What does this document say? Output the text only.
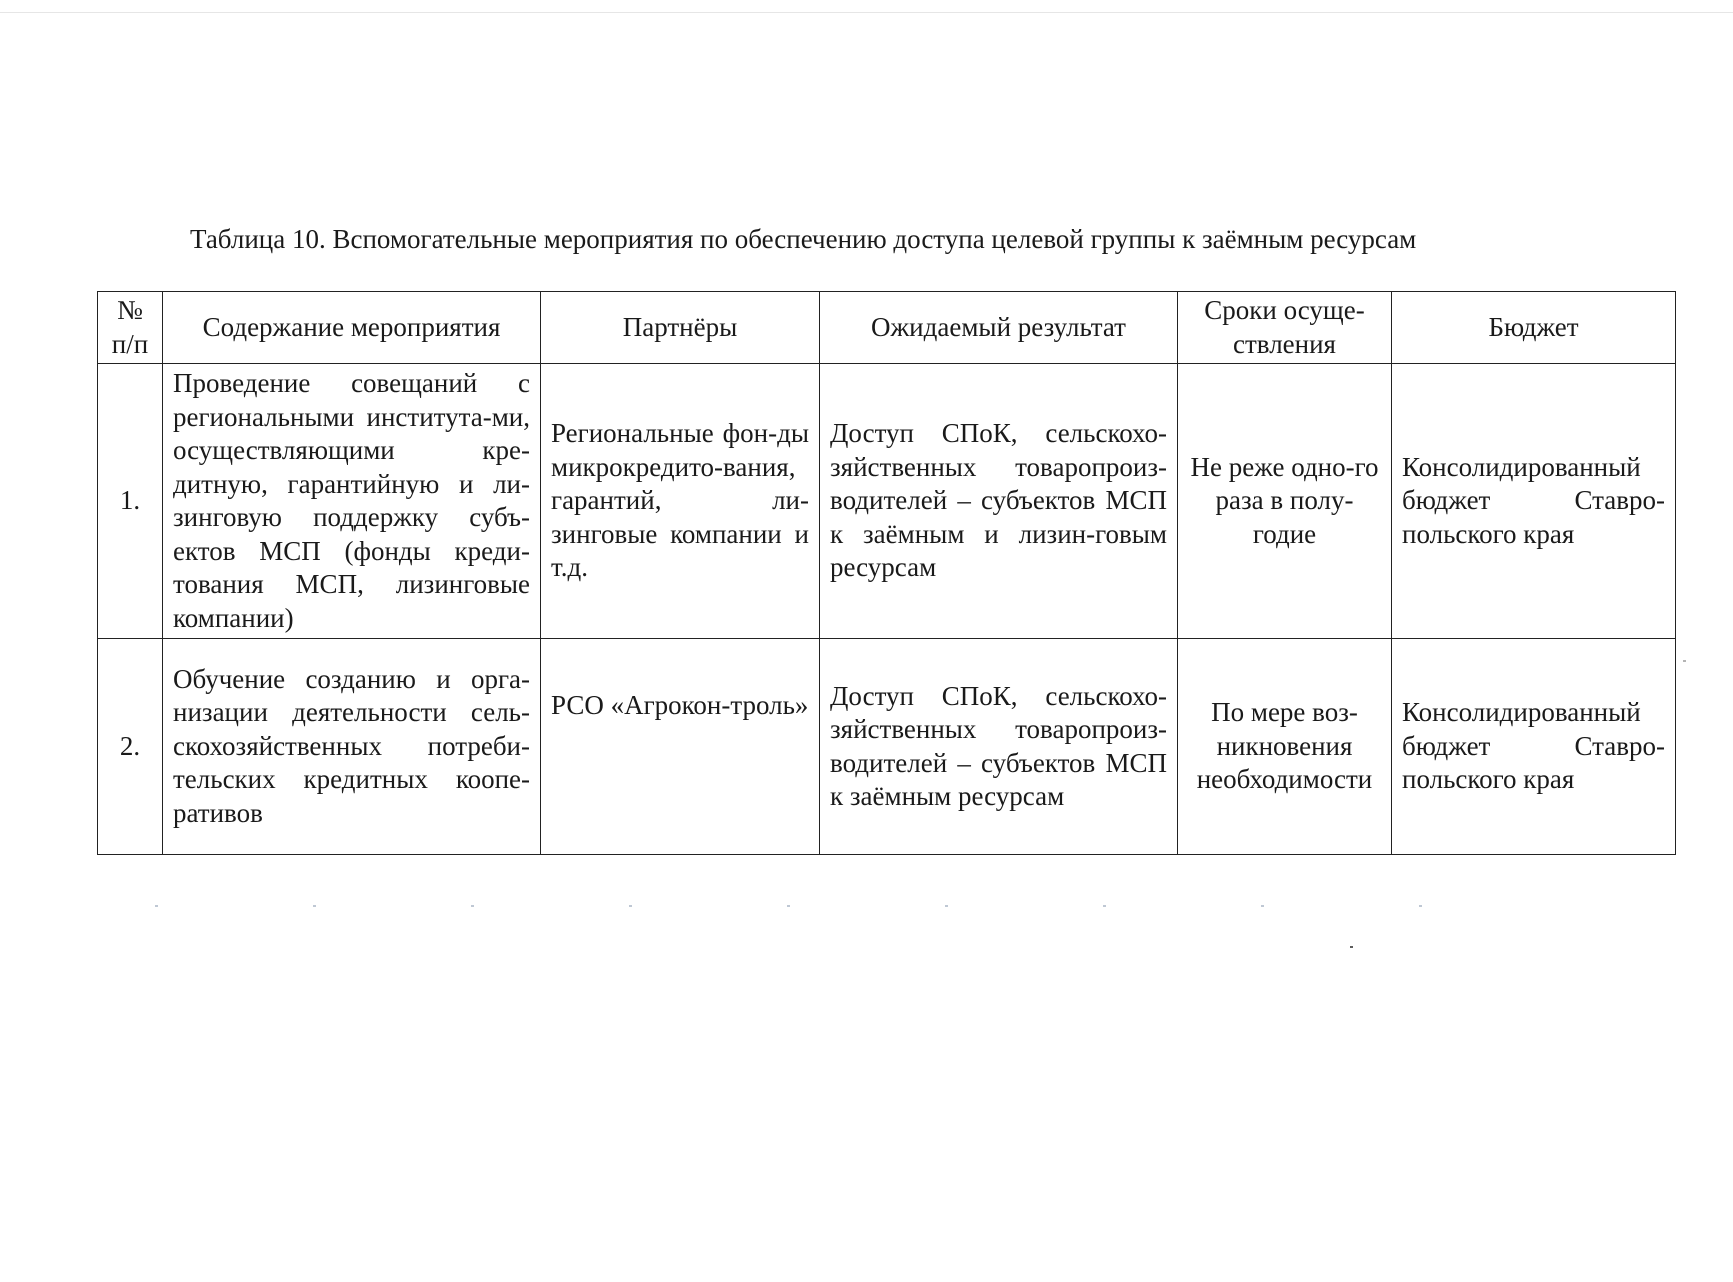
Таблица 10. Вспомогательные мероприятия по обеспечению доступа целевой группы к заёмным ресурсам
№ п/п	Содержание мероприятия	Партнёры	Ожидаемый результат	Сроки осуще-ствления	Бюджет
1.	Проведение совещаний с региональными института-ми, осуществляющими кре-дитную, гарантийную и ли-зинговую поддержку субъ-ектов МСП (фонды креди-тования МСП, лизинговые компании)	Региональные фон-ды микрокредито-вания, гарантий, ли-зинговые компании и т.д.	Доступ СПоК, сельскохо-зяйственных товаропроиз-водителей – субъектов МСП к заёмным и лизин-говым ресурсам	Не реже одно-го раза в полу-годие	Консолидированный бюджет Ставро-польского края
2.	Обучение созданию и орга-низации деятельности сель-скохозяйственных потреби-тельских кредитных коопе-ративов	РСО «Агрокон-троль»	Доступ СПоК, сельскохо-зяйственных товаропроиз-водителей – субъектов МСП к заёмным ресурсам	По мере воз-никновения необходимости	Консолидированный бюджет Ставро-польского края
